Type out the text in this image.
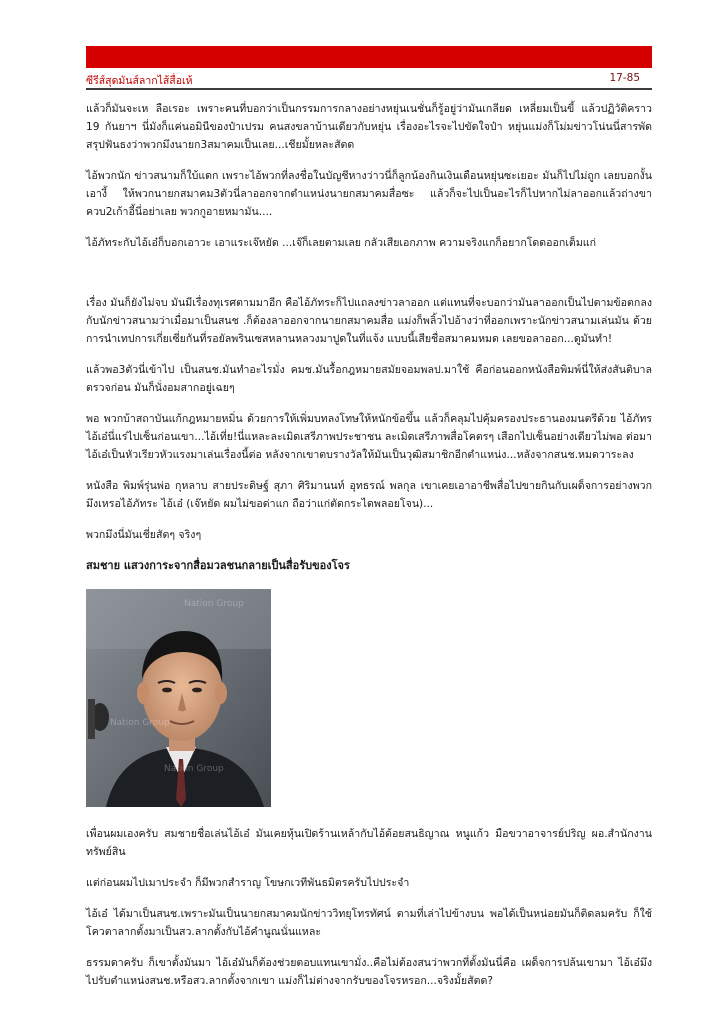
ซีรีส์สุดมันส์ลากไส้สื่อเห้	17-85

แล้วก็มันจะเห ลือเรอะ เพราะคนที่บอกว่าเป็นกรรมการกลางอย่างหยุ่นเนชั่นก็รู้อยู่ว่ามันเกลียด เหลี่ยมเป็นขี้ แล้วปฏิวัติคราว 19 กันยาฯ นี่มังก็แค่นอมินีของป๋าเปรม คนสงขลาบ้านเดียวกับหยุ่น เรื่องอะไรจะไปขัดใจป๋า หยุ่นแม่งก็โม่มข่าวโน่นนี่สารพัด สรุปฟันธงว่าพวกมึงนายก3สมาคมเป็นเลย...เชียมั้ยหละสัตด

ไอ้พวกนัก ข่าวสนามก็ใบ้แดก เพราะไอ้พวกที่ลงชื่อในบัญชีหางว่าวนี่ก็ลูกน้องกินเงินเดือนหยุ่นซะเยอะ มันก็ไปไม่ถูก เลยบอกงั้นเอางี้ ให้พวกนายกสมาคม3ตัวนี่ลาออกจากตำแหน่งนายกสมาคมสื่อซะ แล้วก็จะไปเป็นอะไรก็ไปหากไม่ลาออกแล้วถ่างขาควบ2เก้าอี้นี่อย่าเลย พวกกูอายหมามัน....

ไอ้ภัทระกับไอ้เอ๋ก็บอกเอาวะ เอาแระเจ๊หยัด ...เจ๊ก็เลยตามเลย กลัวเสียเอกภาพ ความจริงแกก็อยากโดดออกเต็มแก่

เรื่อง มันก็ยังไม่จบ มันมีเรื่องทุเรศตามมาอีก คือไอ้ภัทระก็ไปแถลงข่าวลาออก แต่แทนที่จะบอกว่ามันลาออกเป็นไปตามข้อตกลงกับนักข่าวสนามว่าเมื่อมาเป็นสนช .ก็ต้องลาออกจากนายกสมาคมสื่อ แม่งก็พลิ้วไปอ้างว่าที่ออกเพราะนักข่าวสนามเล่นมัน ด้วยการนำเทปการเกี่ยเซี่ยกันที่รอยัลพรินเซสหลานหลวงมาปูดในที่แจ้ง แบบนี้เสียชื่อสมาคมหมด เลยขอลาออก...ดูมันทำ!

แล้วพอ3ตัวนี่เข้าไป เป็นสนช.มันทำอะไรมั่ง คมช.มันรื้อกฎหมายสมัยจอมพลป.มาใช้ คือก่อนออกหนังสือพิมพ์นี่ให้ส่งสันติบาลตรวจก่อน มันก็นั่งอมสากอยู่เฉยๆ

พอ พวกบ้าสถาบันแก้กฎหมายหมิ่น ด้วยการให้เพิ่มบทลงโทษให้หนักข้อขึ้น แล้วก็คลุมไปคุ้มครองประธานองมนตรีด้วย ไอ้ภัทร ไอ้เอ๋นี่แร่ไปเซ็นก่อนเขา...ไอ้เที่ย!นี่แหละละเมิดเสรีภาพประชาชน ละเมิดเสรีภาพสื่อโคตรๆ เสือกไปเซ็นอย่างเดียวไม่พอ ต่อมาไอ้เอ๋เป็นหัวเรียวหัวแรงมาเล่นเรื่องนี้ต่อ หลังจากเขาตบรางวัลให้มันเป็นวุฒิสมาชิกอีกตำแหน่ง...หลังจากสนช.หมดวาระลง

หนังสือ พิมพ์รุ่นพ่อ กุหลาบ สายประดิษฐ์ สุภา ศิริมานนท์ อุทธรณ์ พลกุล เขาเคยเอาอาชีพสื่อไปขายกินกับเผด็จการอย่างพวกมึงเหรอไอ้ภัทระ ไอ้เอ๋ (เจ๊หยัด ผมไม่ขอด่าแก ถือว่าแก่ตัดกระไดพลอยโจน)...

พวกมึงนี่มันเชี่ยสัตๆ จริงๆ

สมชาย แสวงการะจากสื่อมวลชนกลายเป็นสื่อรับของโจร

Nation Group
Nation Group
Nation Group

เพื่อนผมเองครับ สมชายชื่อเล่นไอ้เอ๋ มันเคยหุ้นเปิดร้านเหล้ากับไอ้ต้อยสนธิญาณ หนูแก้ว มือขวาอาจารย์ปริญ ผอ.สำนักงานทรัพย์สิน

แต่ก่อนผมไปเมาประจำ ก็มีพวกสำราญ โขษกเวทีพันธมิตรครับไปประจำ

ไอ้เอ๋ ได้มาเป็นสนช.เพราะมันเป็นนายกสมาคมนักข่าววิทยุโทรทัศน์ ตามที่เล่าไปข้างบน พอได้เป็นหน่อยมันก็ติดลมครับ ก็ใช้โควตาลากตั้งมาเป็นสว.ลากตั้งกับไอ้คำนูณนั่นแหละ

ธรรมดาครับ ก็เขาตั้งมันมา ไอ้เอ๋มันก็ต้องช่วยตอบแทนเขามั่ง..คือไม่ต้องสนว่าพวกที่ตั้งมันนี่คือ เผด็จการปล้นเขามา ไอ้เอ๋มึงไปรับตำแหน่งสนช.หรือสว.ลากตั้งจากเขา แม่งก็ไม่ต่างจากรับของโจรหรอก...จริงมั้ยสัตด?
